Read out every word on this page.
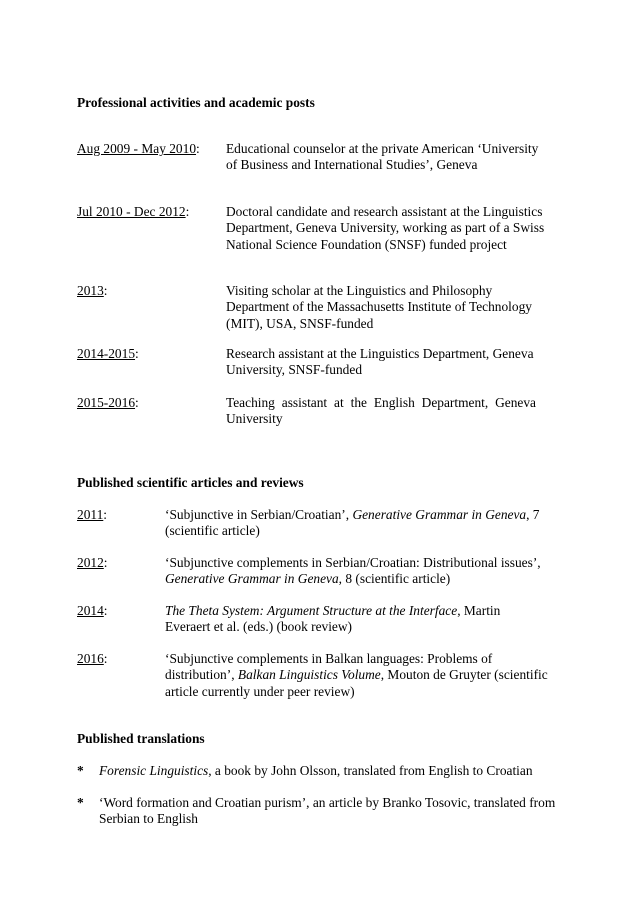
Professional activities and academic posts
Aug 2009 - May 2010: Educational counselor at the private American ‘University
of Business and International Studies’, Geneva
Jul 2010 - Dec 2012:	Doctoral candidate and research assistant at the Linguistics
Department, Geneva University, working as part of a Swiss
National Science Foundation (SNSF) funded project
2013:	Visiting scholar at the Linguistics and Philosophy
Department of the Massachusetts Institute of Technology
(MIT), USA, SNSF-funded
2014-2015:	Research assistant at the Linguistics Department, Geneva
University, SNSF-funded
2015-2016:	Teaching assistant at the English Department, Geneva
University
Published scientific articles and reviews
2011:	‘Subjunctive in Serbian/Croatian’, Generative Grammar in Geneva, 7
(scientific article)
2012:	‘Subjunctive complements in Serbian/Croatian: Distributional issues’,
Generative Grammar in Geneva, 8 (scientific article)
2014:	The Theta System: Argument Structure at the Interface, Martin
Everaert et al. (eds.) (book review)
2016:	‘Subjunctive complements in Balkan languages: Problems of
distribution’, Balkan Linguistics Volume, Mouton de Gruyter (scientific
article currently under peer review)
Published translations
* Forensic Linguistics, a book by John Olsson, translated from English to Croatian
* ‘Word formation and Croatian purism’, an article by Branko Tosovic, translated from
Serbian to English
